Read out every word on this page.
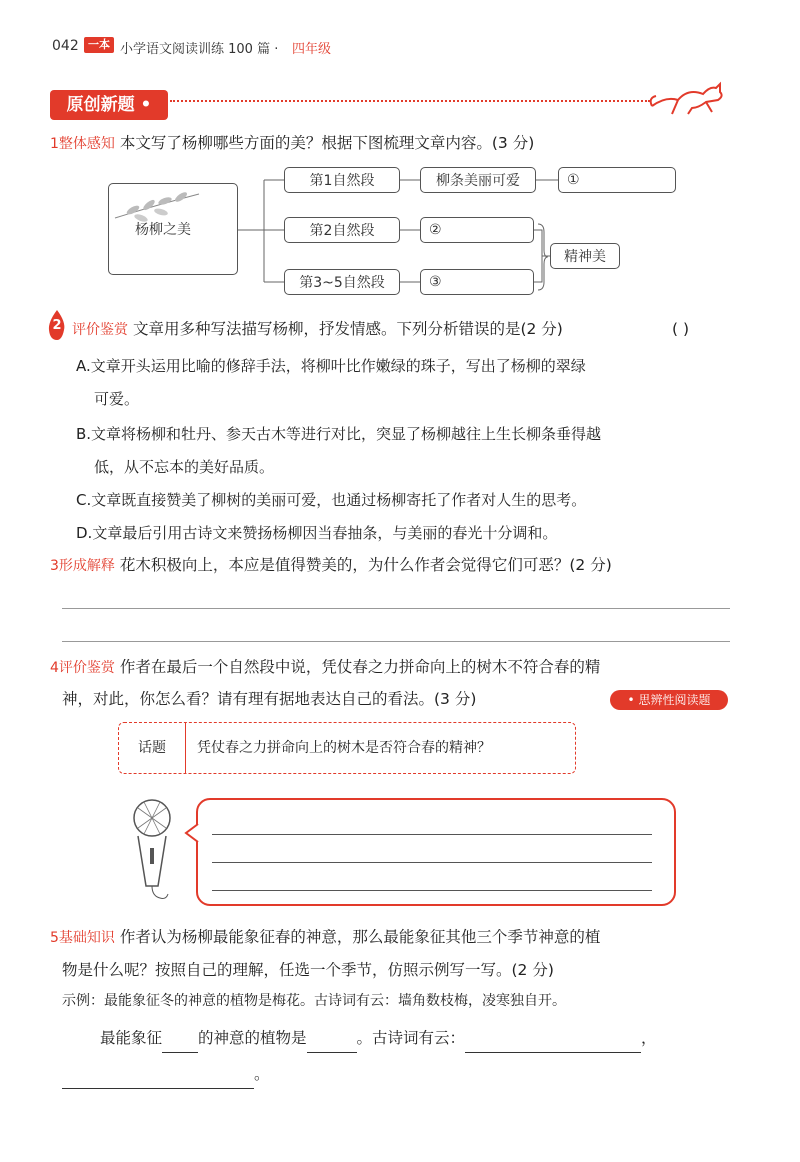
042 一本 小学语文阅读训练 100 篇 · 四年级
原创新题 •
1整体感知 本文写了杨柳哪些方面的美？根据下图梳理文章内容。(3 分)
杨柳之美
第1自然段
第2自然段
第3~5自然段
柳条美丽可爱	①
②
③
精神美
2 评价鉴赏 文章用多种写法描写杨柳，抒发情感。下列分析错误的是(2 分)	( )
A.文章开头运用比喻的修辞手法，将柳叶比作嫩绿的珠子，写出了杨柳的翠绿
可爱。
B.文章将杨柳和牡丹、参天古木等进行对比，突显了杨柳越往上生长柳条垂得越
低，从不忘本的美好品质。
C.文章既直接赞美了柳树的美丽可爱，也通过杨柳寄托了作者对人生的思考。
D.文章最后引用古诗文来赞扬杨柳因当春抽条，与美丽的春光十分调和。
3形成解释 花木积极向上，本应是值得赞美的，为什么作者会觉得它们可恶？(2 分)
4评价鉴赏 作者在最后一个自然段中说，凭仗春之力拼命向上的树木不符合春的精
神，对此，你怎么看？请有理有据地表达自己的看法。(3 分)	• 思辨性阅读题
话题	凭仗春之力拼命向上的树木是否符合春的精神？
5基础知识 作者认为杨柳最能象征春的神意，那么最能象征其他三个季节神意的植
物是什么呢？按照自己的理解，任选一个季节，仿照示例写一写。(2 分)
示例：最能象征冬的神意的植物是梅花。古诗词有云：墙角数枝梅，凌寒独自开。
最能象征 的神意的植物是	。古诗词有云：	，
。
